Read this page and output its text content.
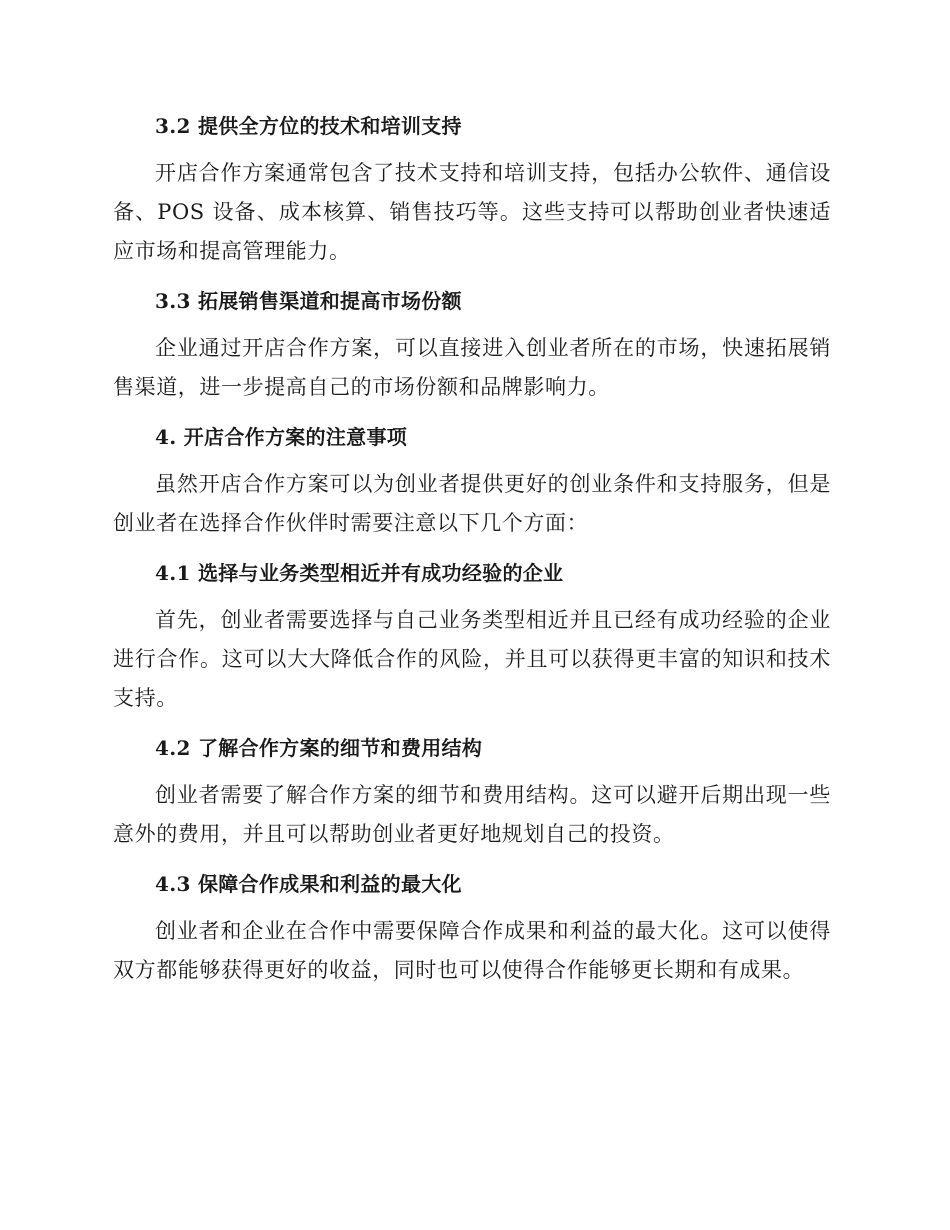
3.2 提供全方位的技术和培训支持
开店合作方案通常包含了技术支持和培训支持，包括办公软件、通信设备、POS 设备、成本核算、销售技巧等。这些支持可以帮助创业者快速适应市场和提高管理能力。
3.3 拓展销售渠道和提高市场份额
企业通过开店合作方案，可以直接进入创业者所在的市场，快速拓展销售渠道，进一步提高自己的市场份额和品牌影响力。
4. 开店合作方案的注意事项
虽然开店合作方案可以为创业者提供更好的创业条件和支持服务，但是创业者在选择合作伙伴时需要注意以下几个方面：
4.1 选择与业务类型相近并有成功经验的企业
首先，创业者需要选择与自己业务类型相近并且已经有成功经验的企业进行合作。这可以大大降低合作的风险，并且可以获得更丰富的知识和技术支持。
4.2 了解合作方案的细节和费用结构
创业者需要了解合作方案的细节和费用结构。这可以避开后期出现一些意外的费用，并且可以帮助创业者更好地规划自己的投资。
4.3 保障合作成果和利益的最大化
创业者和企业在合作中需要保障合作成果和利益的最大化。这可以使得双方都能够获得更好的收益，同时也可以使得合作能够更长期和有成果。
